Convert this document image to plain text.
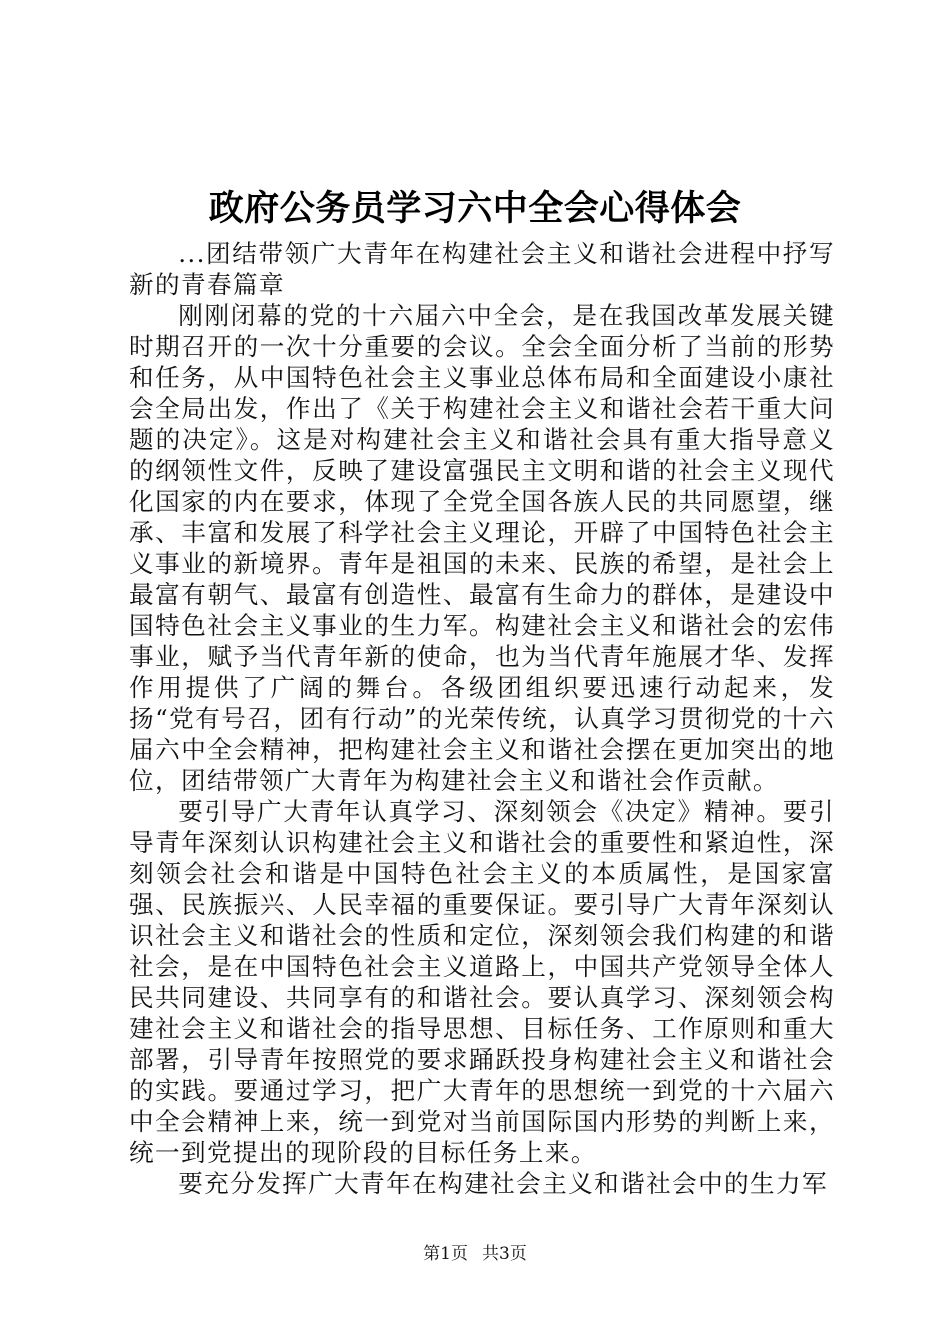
政府公务员学习六中全会心得体会

...团结带领广大青年在构建社会主义和谐社会进程中抒写新的青春篇章

刚刚闭幕的党的十六届六中全会，是在我国改革发展关键时期召开的一次十分重要的会议。全会全面分析了当前的形势和任务，从中国特色社会主义事业总体布局和全面建设小康社会全局出发，作出了《关于构建社会主义和谐社会若干重大问题的决定》。这是对构建社会主义和谐社会具有重大指导意义的纲领性文件，反映了建设富强民主文明和谐的社会主义现代化国家的内在要求，体现了全党全国各族人民的共同愿望，继承、丰富和发展了科学社会主义理论，开辟了中国特色社会主义事业的新境界。青年是祖国的未来、民族的希望，是社会上最富有朝气、最富有创造性、最富有生命力的群体，是建设中国特色社会主义事业的生力军。构建社会主义和谐社会的宏伟事业，赋予当代青年新的使命，也为当代青年施展才华、发挥作用提供了广阔的舞台。各级团组织要迅速行动起来，发扬“党有号召，团有行动”的光荣传统，认真学习贯彻党的十六届六中全会精神，把构建社会主义和谐社会摆在更加突出的地位，团结带领广大青年为构建社会主义和谐社会作贡献。

要引导广大青年认真学习、深刻领会《决定》精神。要引导青年深刻认识构建社会主义和谐社会的重要性和紧迫性，深刻领会社会和谐是中国特色社会主义的本质属性，是国家富强、民族振兴、人民幸福的重要保证。要引导广大青年深刻认识社会主义和谐社会的性质和定位，深刻领会我们构建的和谐社会，是在中国特色社会主义道路上，中国共产党领导全体人民共同建设、共同享有的和谐社会。要认真学习、深刻领会构建社会主义和谐社会的指导思想、目标任务、工作原则和重大部署，引导青年按照党的要求踊跃投身构建社会主义和谐社会的实践。要通过学习，把广大青年的思想统一到党的十六届六中全会精神上来，统一到党对当前国际国内形势的判断上来，统一到党提出的现阶段的目标任务上来。

要充分发挥广大青年在构建社会主义和谐社会中的生力军

第1页 共3页
